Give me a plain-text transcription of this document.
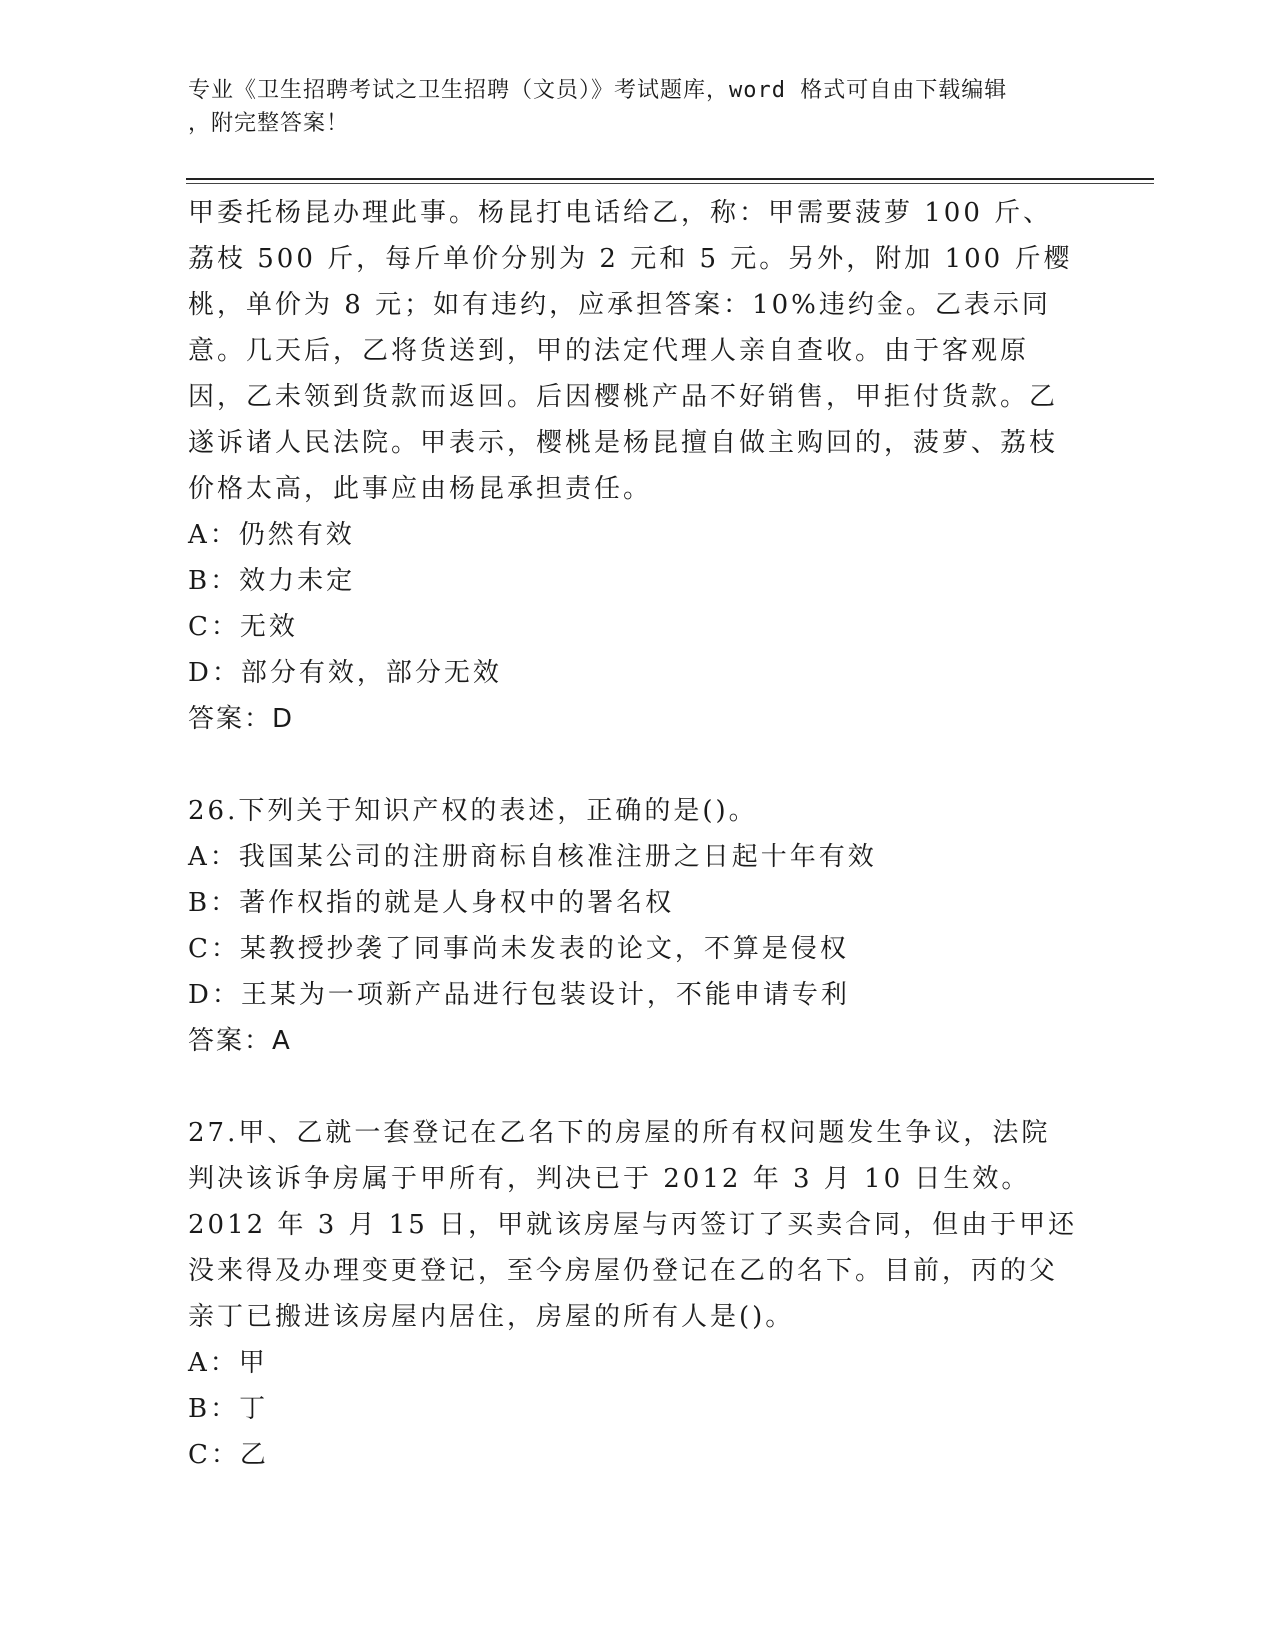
专业《卫生招聘考试之卫生招聘（文员）》考试题库，word 格式可自由下载编辑
，附完整答案！

甲委托杨昆办理此事。杨昆打电话给乙，称：甲需要菠萝 100 斤、荔枝 500 斤，每斤单价分别为 2 元和 5 元。另外，附加 100 斤樱桃，单价为 8 元；如有违约，应承担答案：10%违约金。乙表示同意。几天后，乙将货送到，甲的法定代理人亲自查收。由于客观原因，乙未领到货款而返回。后因樱桃产品不好销售，甲拒付货款。乙遂诉诸人民法院。甲表示，樱桃是杨昆擅自做主购回的，菠萝、荔枝价格太高，此事应由杨昆承担责任。

A：仍然有效

B：效力未定

C：无效

D：部分有效，部分无效

答案：D

26.下列关于知识产权的表述，正确的是()。

A：我国某公司的注册商标自核准注册之日起十年有效

B：著作权指的就是人身权中的署名权

C：某教授抄袭了同事尚未发表的论文，不算是侵权

D：王某为一项新产品进行包装设计，不能申请专利

答案：A

27.甲、乙就一套登记在乙名下的房屋的所有权问题发生争议，法院判决该诉争房属于甲所有，判决已于 2012 年 3 月 10 日生效。2012 年 3 月 15 日，甲就该房屋与丙签订了买卖合同，但由于甲还没来得及办理变更登记，至今房屋仍登记在乙的名下。目前，丙的父亲丁已搬进该房屋内居住，房屋的所有人是()。

A：甲

B：丁

C：乙
